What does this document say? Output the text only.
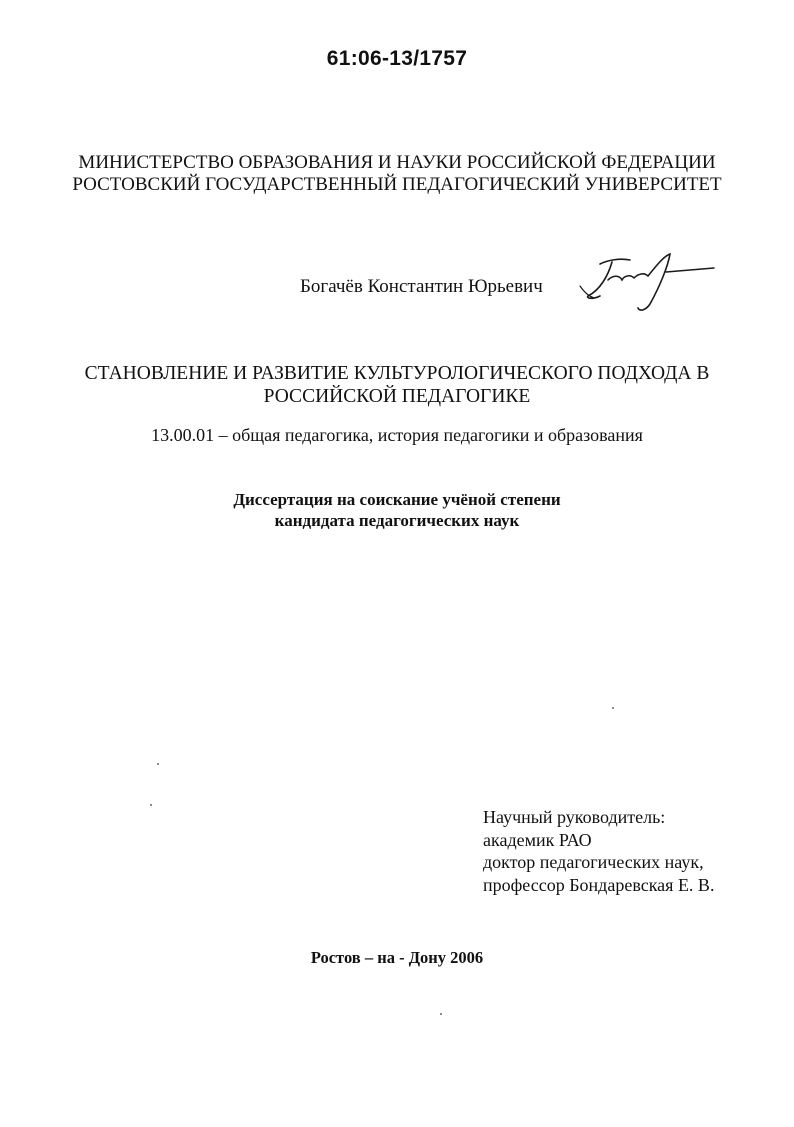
61:06-13/1757
МИНИСТЕРСТВО ОБРАЗОВАНИЯ И НАУКИ РОССИЙСКОЙ ФЕДЕРАЦИИ
РОСТОВСКИЙ ГОСУДАРСТВЕННЫЙ ПЕДАГОГИЧЕСКИЙ УНИВЕРСИТЕТ
Богачёв Константин Юрьевич
СТАНОВЛЕНИЕ И РАЗВИТИЕ КУЛЬТУРОЛОГИЧЕСКОГО ПОДХОДА В
РОССИЙСКОЙ ПЕДАГОГИКЕ
13.00.01 – общая педагогика, история педагогики и образования
Диссертация на соискание учёной степени
кандидата педагогических наук
Научный руководитель:
академик РАО
доктор педагогических наук,
профессор Бондаревская Е. В.
Ростов – на - Дону 2006
